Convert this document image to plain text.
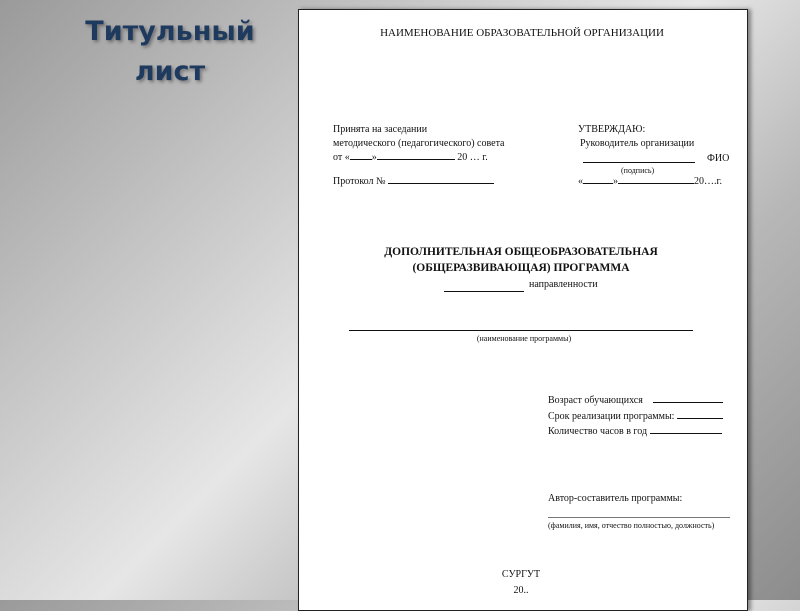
Титульный
лист
НАИМЕНОВАНИЕ ОБРАЗОВАТЕЛЬНОЙ ОРГАНИЗАЦИИ
Принята на заседании
методического (педагогического) совета
от « »	20 … г.
Протокол №
УТВЕРЖДАЮ:
Руководитель организации
ФИО
(подпись)
«	»	20….г.
ДОПОЛНИТЕЛЬНАЯ ОБЩЕОБРАЗОВАТЕЛЬНАЯ
(ОБЩЕРАЗВИВАЮЩАЯ) ПРОГРАММА
направленности
(наименование программы)
Возраст обучающихся
Срок реализации программы:
Количество часов в год
Автор-составитель программы:
(фамилия, имя, отчество полностью, должность)
СУРГУТ
20..
